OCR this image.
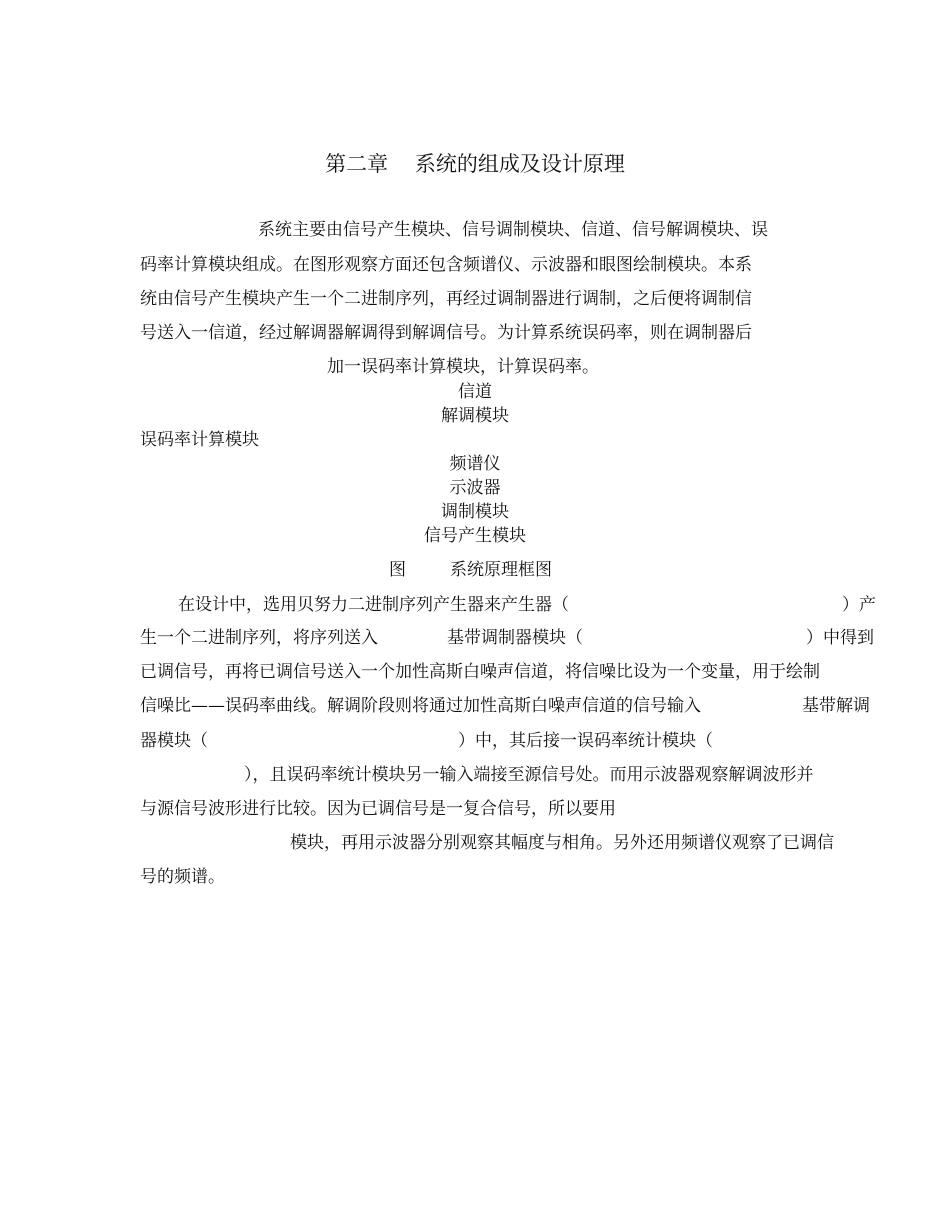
第二章    系统的组成及设计原理
系统主要由信号产生模块、信号调制模块、信道、信号解调模块、误
码率计算模块组成。在图形观察方面还包含频谱仪、示波器和眼图绘制模块。本系
统由信号产生模块产生一个二进制序列，再经过调制器进行调制，之后便将调制信
号送入一信道，经过解调器解调得到解调信号。为计算系统误码率，则在调制器后
加一误码率计算模块，计算误码率。
信道
解调模块
误码率计算模块
频谱仪
示波器
调制模块
信号产生模块
图	系统原理框图
在设计中，选用贝努力二进制序列产生器来产生器（	）产
生一个二进制序列，将序列送入	基带调制器模块（	）中得到
已调信号，再将已调信号送入一个加性高斯白噪声信道，将信噪比设为一个变量，用于绘制
信噪比——误码率曲线。解调阶段则将通过加性高斯白噪声信道的信号输入	基带解调
器模块（	）中，其后接一误码率统计模块（
），且误码率统计模块另一输入端接至源信号处。而用示波器观察解调波形并
与源信号波形进行比较。因为已调信号是一复合信号，所以要用
模块，再用示波器分别观察其幅度与相角。另外还用频谱仪观察了已调信
号的频谱。
